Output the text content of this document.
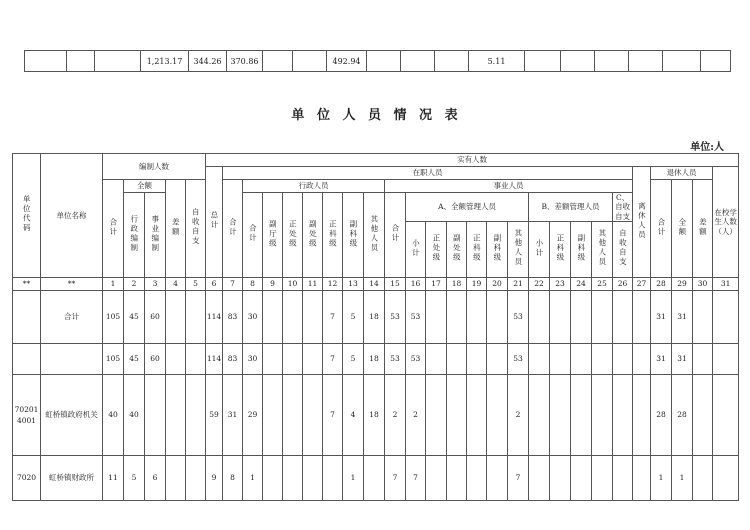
			1,213.17	344.26	370.86			492.94				5.11						
单 位 人 员 情 况 表
单位:人
单位代码	单位名称	编制人数					实有人数																									
							总计	在职人员																				离休人员	退休人员			在校学生人数（人）
		合计	全额		差额	自收自支		合计	行政人员							事业人员													合计	全额	差额	
			行政编制	事业编制					合计	副厅级	正处级	副处级	正科级	副科级	其他人员	合计	A、全额管理人员						B、差额管理人员				C、自收自支					
																	小计	正处级	副处级	正科级	副科级	其他人员	小计	正科级	副科级	其他人员	自收自支					
**	**	1	2	3	4	5	6	7	8	9	10	11	12	13	14	15	16	17	18	19	20	21	22	23	24	25	26	27	28	29	30	31
	合计	105	45	60			114	83	30				7	5	18	53	53					53							31	31		
		105	45	60			114	83	30				7	5	18	53	53					53							31	31		
702014001	虹桥镇政府机关	40	40				59	31	29				7	4	18	2	2					2							28	28		
7020	虹桥镇财政所	11	5	6			9	8	1					1		7	7					7							1	1		
